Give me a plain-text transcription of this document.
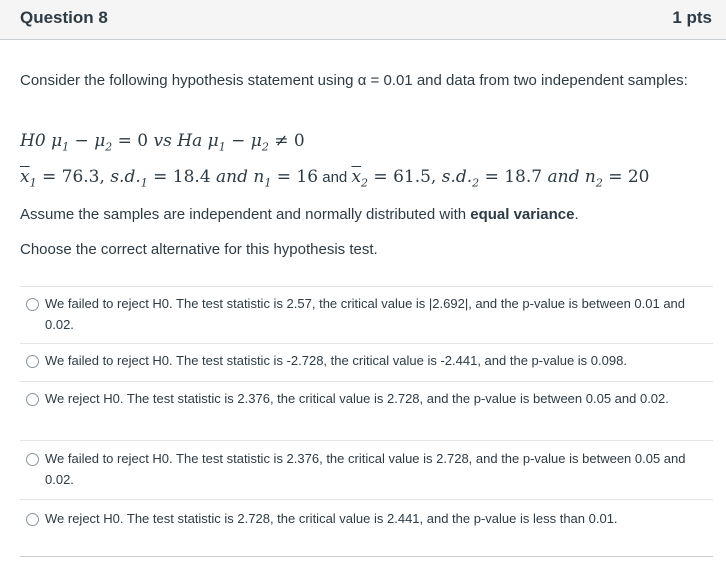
Question 8	1 pts
Consider the following hypothesis statement using α = 0.01 and data from two independent samples:
H0 $\mu_1 - \mu_2 = 0$ vs Ha $\mu_1 - \mu_2 \ne 0$
$\overline{x}_1 = 76.3$, $s.d._1 = 18.4$ and $n_1 = 16$ and $\overline{x}_2 = 61.5$, $s.d._2 = 18.7$ and $n_2 = 20$
Assume the samples are independent and normally distributed with equal variance.
Choose the correct alternative for this hypothesis test.
We failed to reject H0. The test statistic is 2.57, the critical value is |2.692|, and the p-value is between 0.01 and 0.02.
We failed to reject H0. The test statistic is -2.728, the critical value is -2.441, and the p-value is 0.098.
We reject H0. The test statistic is 2.376, the critical value is 2.728, and the p-value is between 0.05 and 0.02.
We failed to reject H0. The test statistic is 2.376, the critical value is 2.728, and the p-value is between 0.05 and 0.02.
We reject H0. The test statistic is 2.728, the critical value is 2.441, and the p-value is less than 0.01.
